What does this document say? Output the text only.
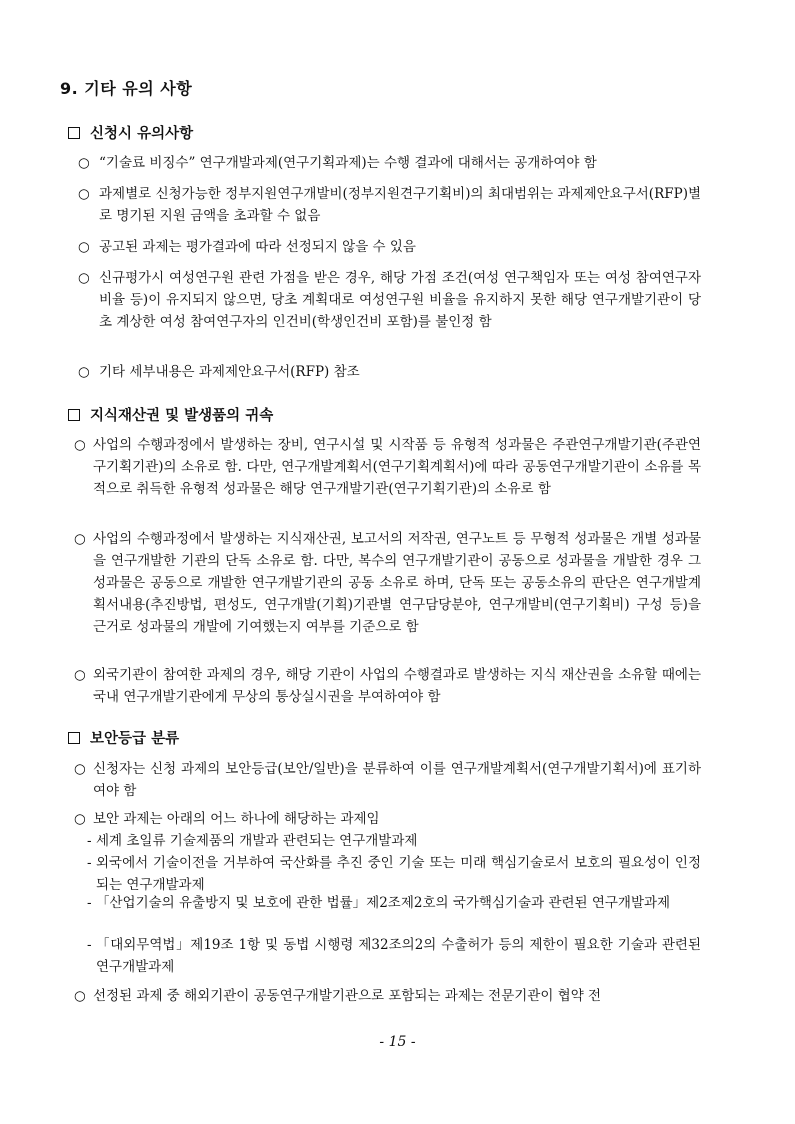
9. 기타 유의 사항
신청시 유의사항
○ “기술료 비징수” 연구개발과제(연구기획과제)는 수행 결과에 대해서는 공개하여야 함
○ 과제별로 신청가능한 정부지원연구개발비(정부지원견구기획비)의 최대범위는 과제제안요구서(RFP)별로 명기된 지원 금액을 초과할 수 없음
○ 공고된 과제는 평가결과에 따라 선정되지 않을 수 있음
○ 신규평가시 여성연구원 관련 가점을 받은 경우, 해당 가점 조건(여성 연구책임자 또는 여성 참여연구자 비율 등)이 유지되지 않으면, 당초 계획대로 여성연구원 비율을 유지하지 못한 해당 연구개발기관이 당초 계상한 여성 참여연구자의 인건비(학생인건비 포함)를 불인정 함
○ 기타 세부내용은 과제제안요구서(RFP) 참조
지식재산권 및 발생품의 귀속
○ 사업의 수행과정에서 발생하는 장비, 연구시설 및 시작품 등 유형적 성과물은 주관연구개발기관(주관연구기획기관)의 소유로 함. 다만, 연구개발계획서(연구기획계획서)에 따라 공동연구개발기관이 소유를 목적으로 취득한 유형적 성과물은 해당 연구개발기관(연구기획기관)의 소유로 함
○ 사업의 수행과정에서 발생하는 지식재산권, 보고서의 저작권, 연구노트 등 무형적 성과물은 개별 성과물을 연구개발한 기관의 단독 소유로 함. 다만, 복수의 연구개발기관이 공동으로 성과물을 개발한 경우 그 성과물은 공동으로 개발한 연구개발기관의 공동 소유로 하며, 단독 또는 공동소유의 판단은 연구개발계획서내용(추진방법, 편성도, 연구개발(기획)기관별 연구담당분야, 연구개발비(연구기획비) 구성 등)을 근거로 성과물의 개발에 기여했는지 여부를 기준으로 함
○ 외국기관이 참여한 과제의 경우, 해당 기관이 사업의 수행결과로 발생하는 지식 재산권을 소유할 때에는 국내 연구개발기관에게 무상의 통상실시권을 부여하여야 함
보안등급 분류
○ 신청자는 신청 과제의 보안등급(보안/일반)을 분류하여 이를 연구개발계획서(연구개발기획서)에 표기하여야 함
○ 보안 과제는 아래의 어느 하나에 해당하는 과제임
- 세계 초일류 기술제품의 개발과 관련되는 연구개발과제
- 외국에서 기술이전을 거부하여 국산화를 추진 중인 기술 또는 미래 핵심기술로서 보호의 필요성이 인정되는 연구개발과제
- 「산업기술의 유출방지 및 보호에 관한 법률」제2조제2호의 국가핵심기술과 관련된 연구개발과제
- 「대외무역법」제19조 1항 및 동법 시행령 제32조의2의 수출허가 등의 제한이 필요한 기술과 관련된 연구개발과제
○ 선정된 과제 중 해외기관이 공동연구개발기관으로 포함되는 과제는 전문기관이 협약 전
- 15 -
